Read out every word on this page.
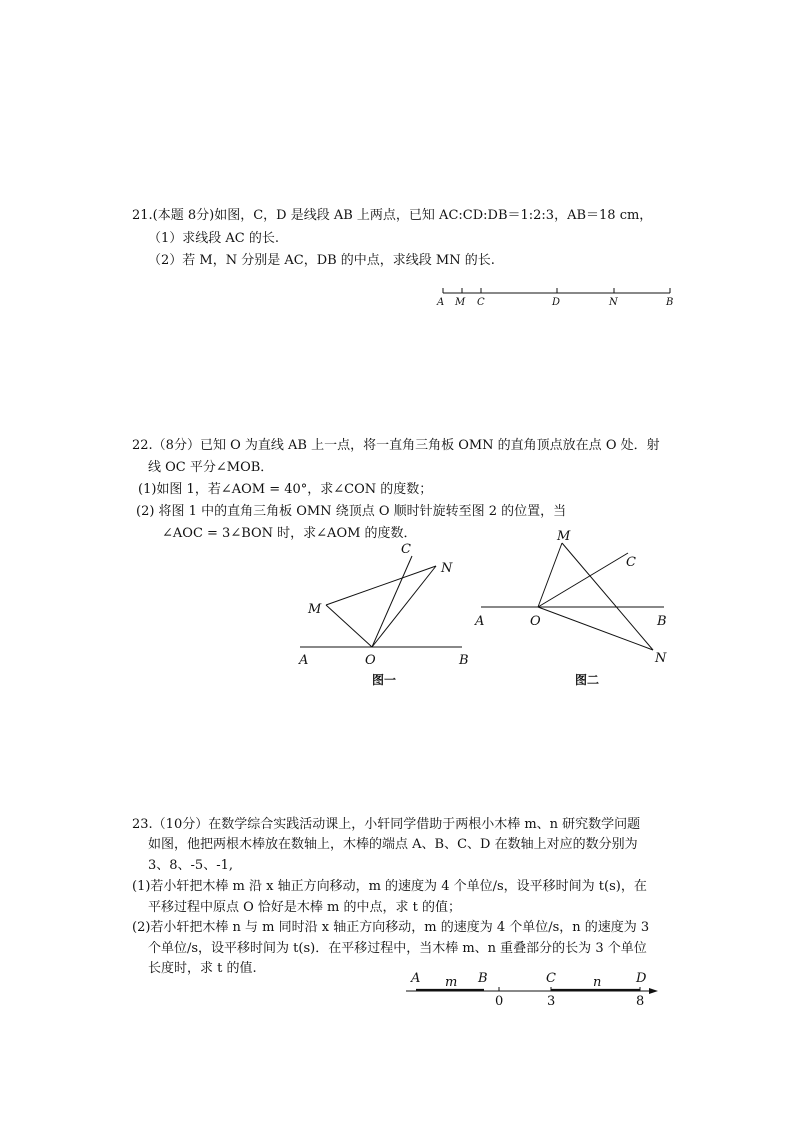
21.(本题 8分)如图，C，D 是线段 AB 上两点，已知 AC:CD:DB＝1:2:3，AB＝18 cm，
（1）求线段 AC 的长.
（2）若 M，N 分别是 AC，DB 的中点，求线段 MN 的长.
A M C	D	N	B
22.（8分）已知 O 为直线 AB 上一点，将一直角三角板 OMN 的直角顶点放在点 O 处．射
线 OC 平分∠MOB．
(1)如图 1，若∠AOM = 40°，求∠CON 的度数；
(2) 将图 1 中的直角三角板 OMN 绕顶点 O 顺时针旋转至图 2 的位置，当
∠AOC = 3∠BON 时，求∠AOM 的度数．
C
N
M
A	O	B
图一
M
C
A	O	B
N
图二
23.（10分）在数学综合实践活动课上，小轩同学借助于两根小木棒 m、n 研究数学问题
如图，他把两根木棒放在数轴上，木棒的端点 A、B、C、D 在数轴上对应的数分别为
3、8、-5、-1,
(1)若小轩把木棒 m 沿 x 轴正方向移动，m 的速度为 4 个单位/s，设平移时间为 t(s)，在
平移过程中原点 O 恰好是木棒 m 的中点，求 t 的值；
(2)若小轩把木棒 n 与 m 同时沿 x 轴正方向移动，m 的速度为 4 个单位/s，n 的速度为 3
个单位/s，设平移时间为 t(s)．在平移过程中，当木棒 m、n 重叠部分的长为 3 个单位
长度时，求 t 的值.
A	B	C	D
m	n
0	3	8
